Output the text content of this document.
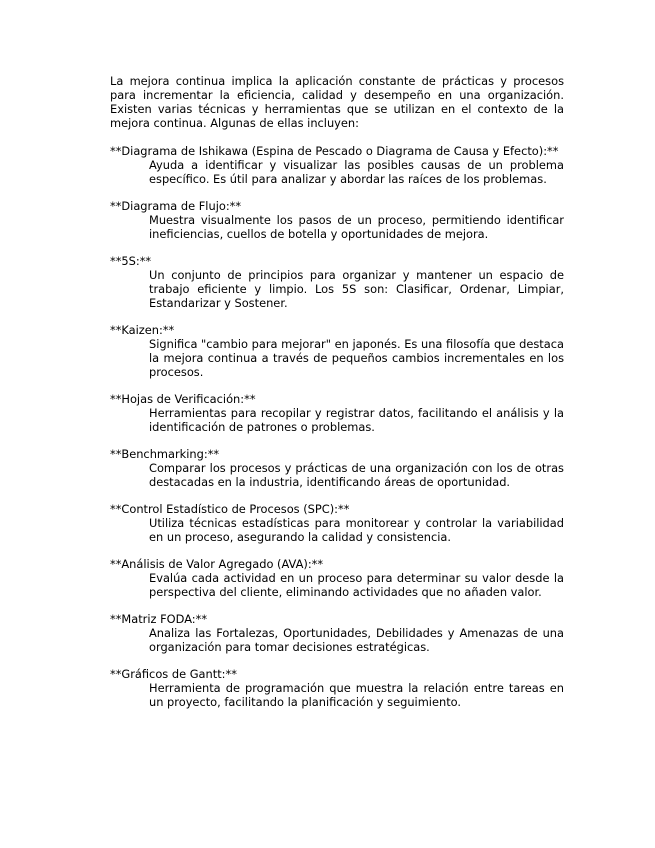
La mejora continua implica la aplicación constante de prácticas y procesos para incrementar la eficiencia, calidad y desempeño en una organización. Existen varias técnicas y herramientas que se utilizan en el contexto de la mejora continua. Algunas de ellas incluyen:

**Diagrama de Ishikawa (Espina de Pescado o Diagrama de Causa y Efecto):**
Ayuda a identificar y visualizar las posibles causas de un problema específico. Es útil para analizar y abordar las raíces de los problemas.
**Diagrama de Flujo:**
Muestra visualmente los pasos de un proceso, permitiendo identificar ineficiencias, cuellos de botella y oportunidades de mejora.
**5S:**
Un conjunto de principios para organizar y mantener un espacio de trabajo eficiente y limpio. Los 5S son: Clasificar, Ordenar, Limpiar, Estandarizar y Sostener.
**Kaizen:**
Significa "cambio para mejorar" en japonés. Es una filosofía que destaca la mejora continua a través de pequeños cambios incrementales en los procesos.
**Hojas de Verificación:**
Herramientas para recopilar y registrar datos, facilitando el análisis y la identificación de patrones o problemas.
**Benchmarking:**
Comparar los procesos y prácticas de una organización con los de otras destacadas en la industria, identificando áreas de oportunidad.
**Control Estadístico de Procesos (SPC):**
Utiliza técnicas estadísticas para monitorear y controlar la variabilidad en un proceso, asegurando la calidad y consistencia.
**Análisis de Valor Agregado (AVA):**
Evalúa cada actividad en un proceso para determinar su valor desde la perspectiva del cliente, eliminando actividades que no añaden valor.
**Matriz FODA:**
Analiza las Fortalezas, Oportunidades, Debilidades y Amenazas de una organización para tomar decisiones estratégicas.
**Gráficos de Gantt:**
Herramienta de programación que muestra la relación entre tareas en un proyecto, facilitando la planificación y seguimiento.
